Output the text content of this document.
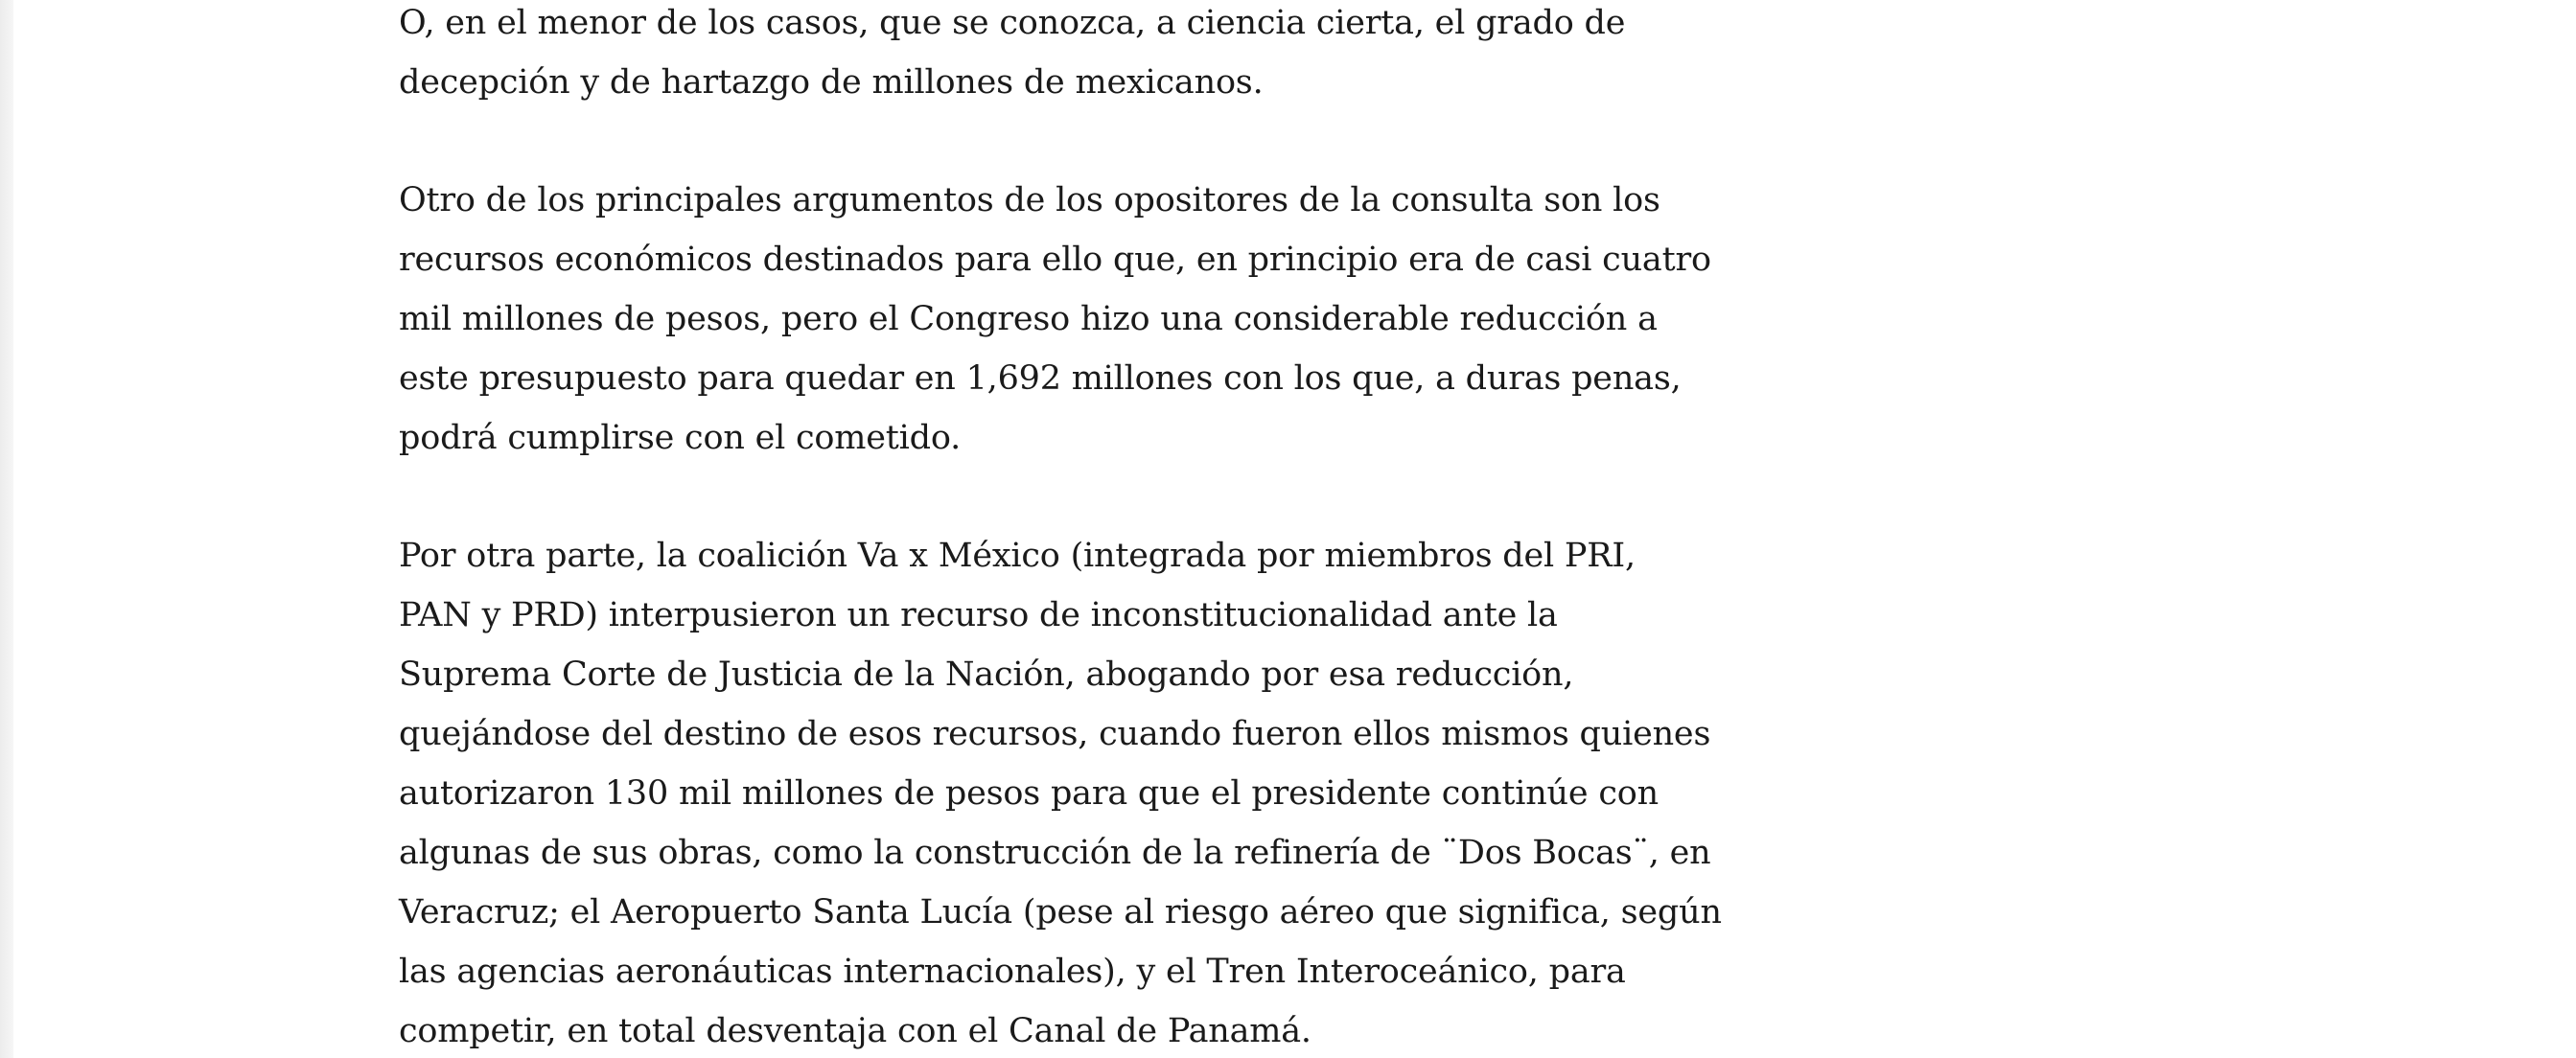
O, en el menor de los casos, que se conozca, a ciencia cierta, el grado de
decepción y de hartazgo de millones de mexicanos.

Otro de los principales argumentos de los opositores de la consulta son los
recursos económicos destinados para ello que, en principio era de casi cuatro
mil millones de pesos, pero el Congreso hizo una considerable reducción a
este presupuesto para quedar en 1,692 millones con los que, a duras penas,
podrá cumplirse con el cometido.

Por otra parte, la coalición Va x México (integrada por miembros del PRI,
PAN y PRD) interpusieron un recurso de inconstitucionalidad ante la
Suprema Corte de Justicia de la Nación, abogando por esa reducción,
quejándose del destino de esos recursos, cuando fueron ellos mismos quienes
autorizaron 130 mil millones de pesos para que el presidente continúe con
algunas de sus obras, como la construcción de la refinería de ¨Dos Bocas¨, en
Veracruz; el Aeropuerto Santa Lucía (pese al riesgo aéreo que significa, según
las agencias aeronáuticas internacionales), y el Tren Interoceánico, para
competir, en total desventaja con el Canal de Panamá.
